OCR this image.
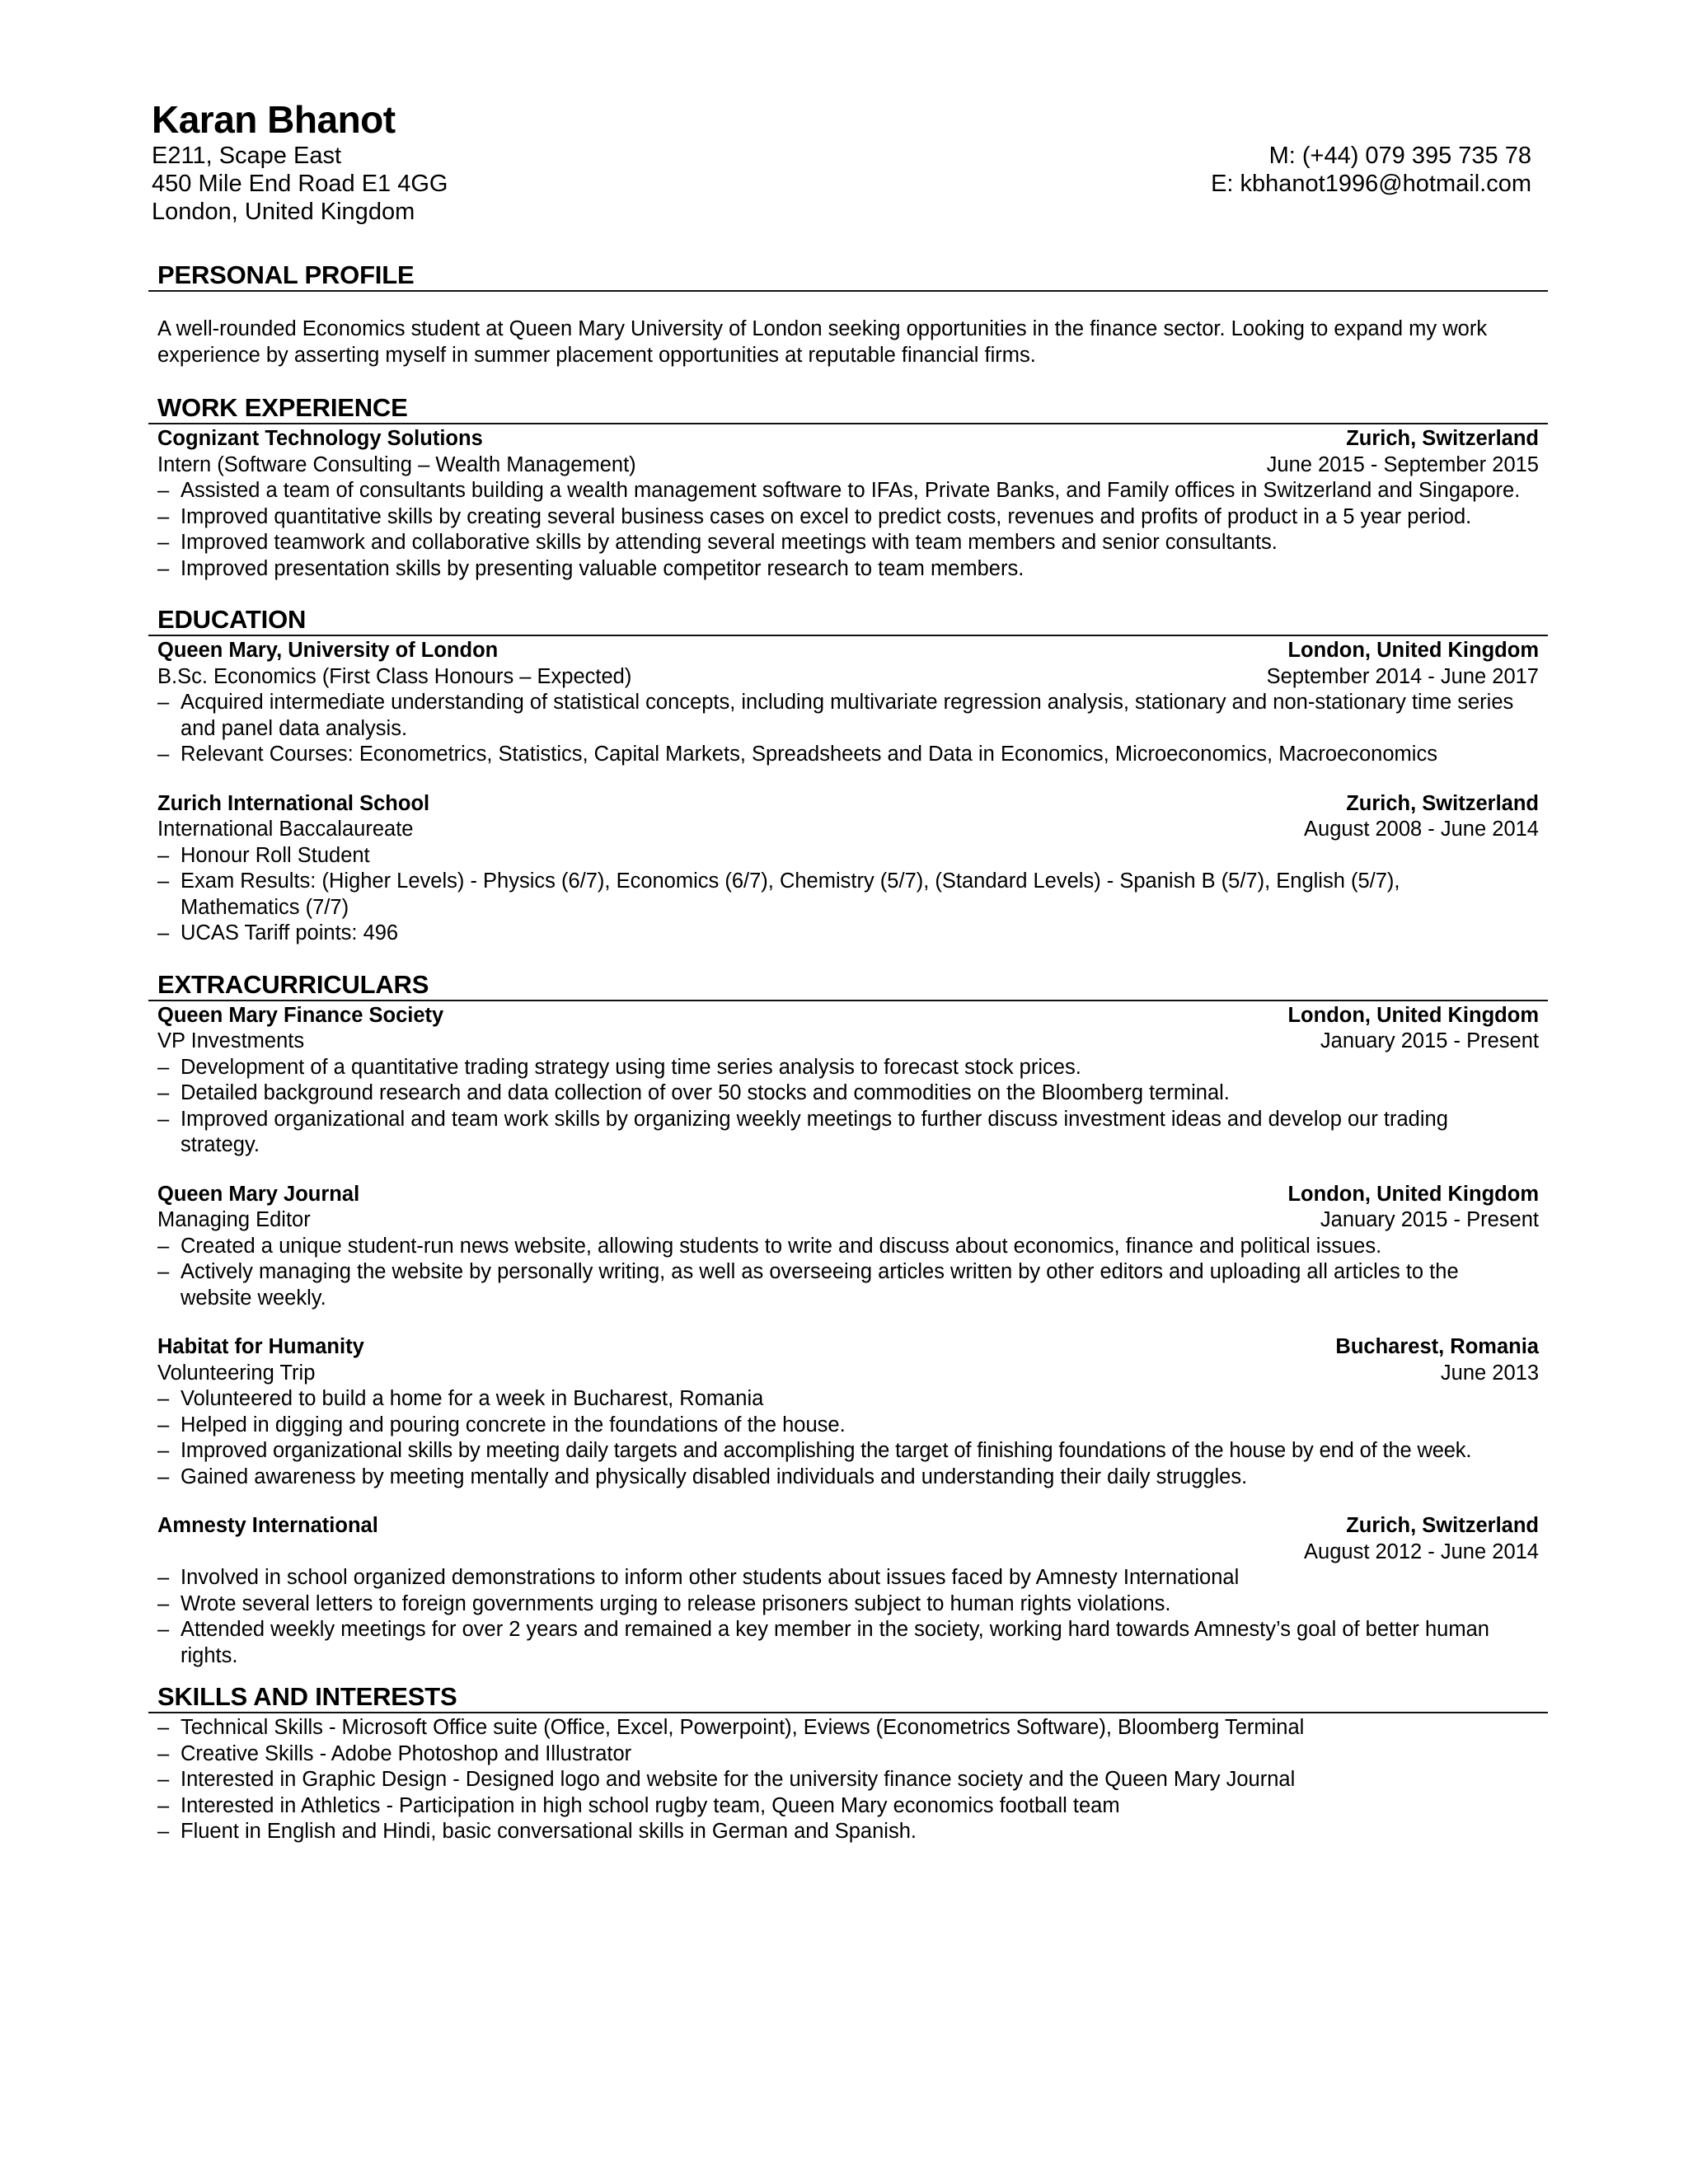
Karan Bhanot
E211, Scape East
450 Mile End Road E1 4GG
London, United Kingdom
M: (+44) 079 395 735 78
E: kbhanot1996@hotmail.com
PERSONAL PROFILE
A well-rounded Economics student at Queen Mary University of London seeking opportunities in the finance sector. Looking to expand my work experience by asserting myself in summer placement opportunities at reputable financial firms.
WORK EXPERIENCE
Cognizant Technology Solutions	Zurich, Switzerland
Intern (Software Consulting – Wealth Management)	June 2015 - September 2015
– Assisted a team of consultants building a wealth management software to IFAs, Private Banks, and Family offices in Switzerland and Singapore.
– Improved quantitative skills by creating several business cases on excel to predict costs, revenues and profits of product in a 5 year period.
– Improved teamwork and collaborative skills by attending several meetings with team members and senior consultants.
– Improved presentation skills by presenting valuable competitor research to team members.
EDUCATION
Queen Mary, University of London	London, United Kingdom
B.Sc. Economics (First Class Honours – Expected)	September 2014 - June 2017
– Acquired intermediate understanding of statistical concepts, including multivariate regression analysis, stationary and non-stationary time series and panel data analysis.
– Relevant Courses: Econometrics, Statistics, Capital Markets, Spreadsheets and Data in Economics, Microeconomics, Macroeconomics
Zurich International School	Zurich, Switzerland
International Baccalaureate	August 2008 - June 2014
– Honour Roll Student
– Exam Results: (Higher Levels) - Physics (6/7), Economics (6/7), Chemistry (5/7), (Standard Levels) - Spanish B (5/7), English (5/7), Mathematics (7/7)
– UCAS Tariff points: 496
EXTRACURRICULARS
Queen Mary Finance Society	London, United Kingdom
VP Investments	January 2015 - Present
– Development of a quantitative trading strategy using time series analysis to forecast stock prices.
– Detailed background research and data collection of over 50 stocks and commodities on the Bloomberg terminal.
– Improved organizational and team work skills by organizing weekly meetings to further discuss investment ideas and develop our trading strategy.
Queen Mary Journal	London, United Kingdom
Managing Editor	January 2015 - Present
– Created a unique student-run news website, allowing students to write and discuss about economics, finance and political issues.
– Actively managing the website by personally writing, as well as overseeing articles written by other editors and uploading all articles to the website weekly.
Habitat for Humanity	Bucharest, Romania
Volunteering Trip	June 2013
– Volunteered to build a home for a week in Bucharest, Romania
– Helped in digging and pouring concrete in the foundations of the house.
– Improved organizational skills by meeting daily targets and accomplishing the target of finishing foundations of the house by end of the week.
– Gained awareness by meeting mentally and physically disabled individuals and understanding their daily struggles.
Amnesty International	Zurich, Switzerland
August 2012 - June 2014
– Involved in school organized demonstrations to inform other students about issues faced by Amnesty International
– Wrote several letters to foreign governments urging to release prisoners subject to human rights violations.
– Attended weekly meetings for over 2 years and remained a key member in the society, working hard towards Amnesty’s goal of better human rights.
SKILLS AND INTERESTS
– Technical Skills - Microsoft Office suite (Office, Excel, Powerpoint), Eviews (Econometrics Software), Bloomberg Terminal
– Creative Skills - Adobe Photoshop and Illustrator
– Interested in Graphic Design - Designed logo and website for the university finance society and the Queen Mary Journal
– Interested in Athletics - Participation in high school rugby team, Queen Mary economics football team
– Fluent in English and Hindi, basic conversational skills in German and Spanish.
